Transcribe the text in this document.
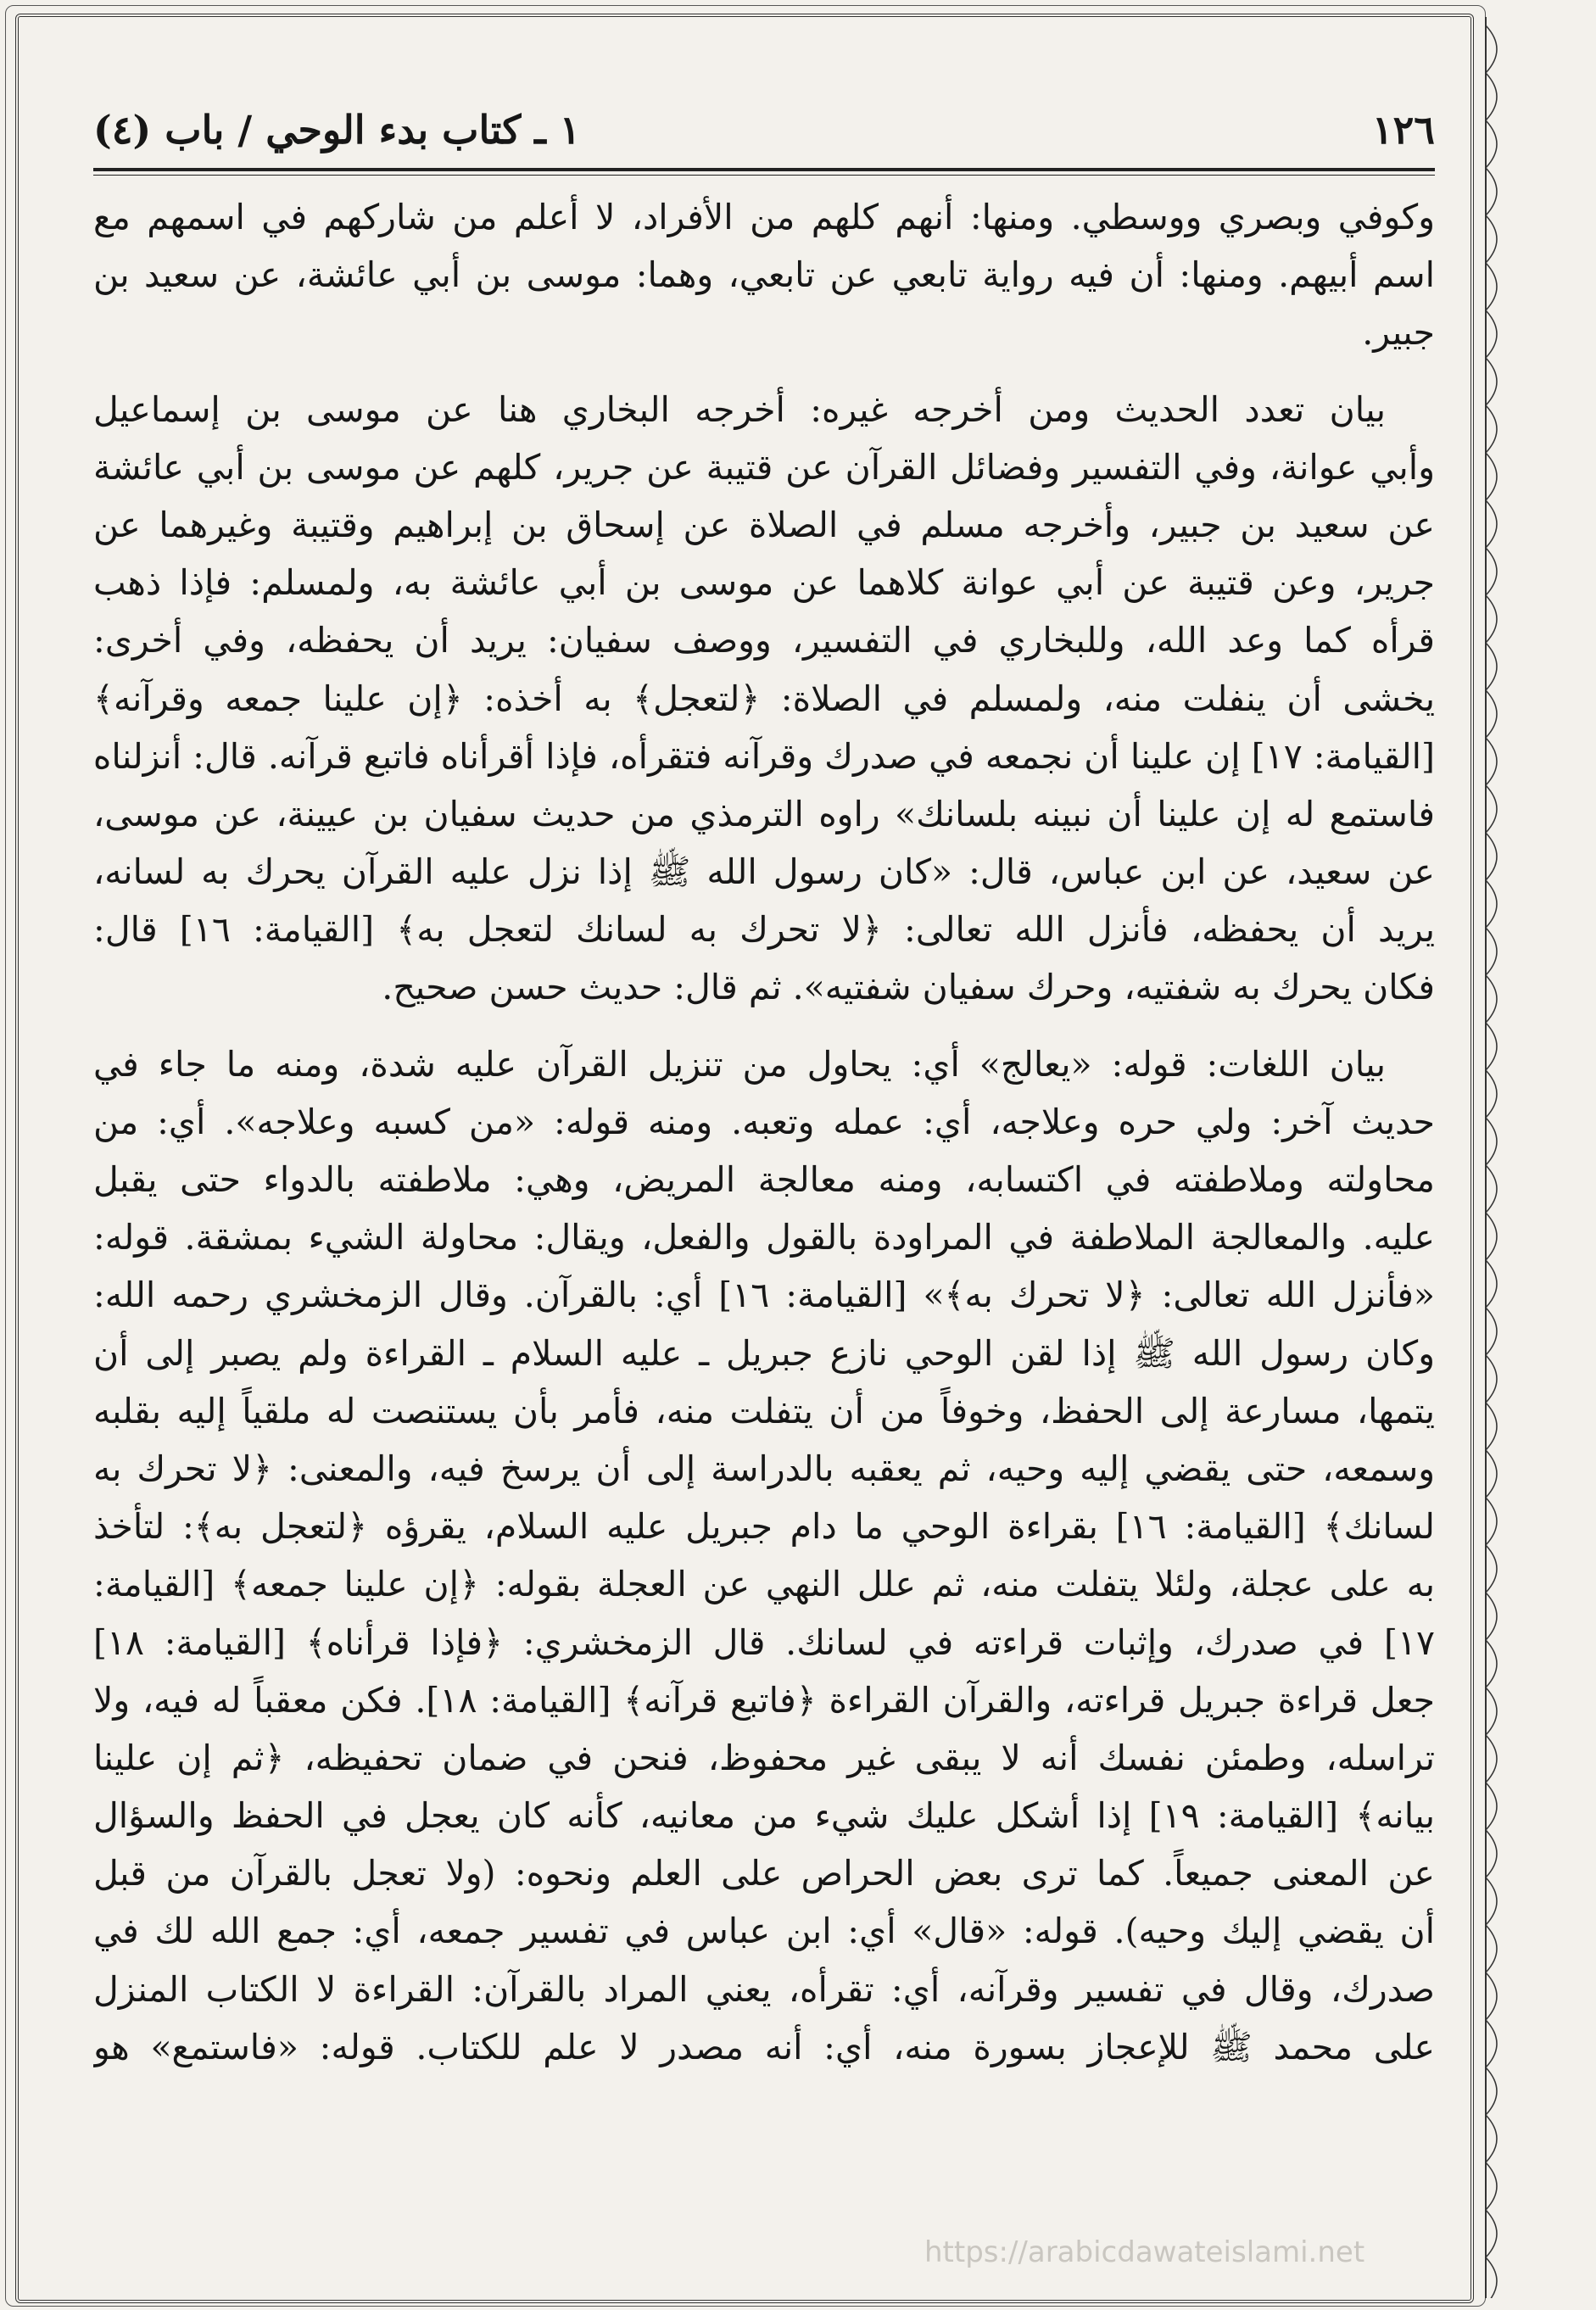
١٢٦
١ ـ كتاب بدء الوحي / باب (٤)
وكوفي وبصري ووسطي. ومنها: أنهم كلهم من الأفراد، لا أعلم من شاركهم في اسمهم مع
اسم أبيهم. ومنها: أن فيه رواية تابعي عن تابعي، وهما: موسى بن أبي عائشة، عن سعيد بن
جبير.
بيان تعدد الحديث ومن أخرجه غيره: أخرجه البخاري هنا عن موسى بن إسماعيل
وأبي عوانة، وفي التفسير وفضائل القرآن عن قتيبة عن جرير، كلهم عن موسى بن أبي عائشة
عن سعيد بن جبير، وأخرجه مسلم في الصلاة عن إسحاق بن إبراهيم وقتيبة وغيرهما عن
جرير، وعن قتيبة عن أبي عوانة كلاهما عن موسى بن أبي عائشة به، ولمسلم: فإذا ذهب
قرأه كما وعد الله، وللبخاري في التفسير، ووصف سفيان: يريد أن يحفظه، وفي أخرى:
يخشى أن ينفلت منه، ولمسلم في الصلاة: ﴿لتعجل﴾ به أخذه: ﴿إن علينا جمعه وقرآنه﴾
[القيامة: ١٧] إن علينا أن نجمعه في صدرك وقرآنه فتقرأه، فإذا أقرأناه فاتبع قرآنه. قال: أنزلناه
فاستمع له إن علينا أن نبينه بلسانك» راوه الترمذي من حديث سفيان بن عيينة، عن موسى،
عن سعيد، عن ابن عباس، قال: «كان رسول الله ﷺ إذا نزل عليه القرآن يحرك به لسانه،
يريد أن يحفظه، فأنزل الله تعالى: ﴿لا تحرك به لسانك لتعجل به﴾ [القيامة: ١٦] قال:
فكان يحرك به شفتيه، وحرك سفيان شفتيه». ثم قال: حديث حسن صحيح.
بيان اللغات: قوله: «يعالج» أي: يحاول من تنزيل القرآن عليه شدة، ومنه ما جاء في
حديث آخر: ولي حره وعلاجه، أي: عمله وتعبه. ومنه قوله: «من كسبه وعلاجه». أي: من
محاولته وملاطفته في اكتسابه، ومنه معالجة المريض، وهي: ملاطفته بالدواء حتى يقبل
عليه. والمعالجة الملاطفة في المراودة بالقول والفعل، ويقال: محاولة الشيء بمشقة. قوله:
«فأنزل الله تعالى: ﴿لا تحرك به﴾» [القيامة: ١٦] أي: بالقرآن. وقال الزمخشري رحمه الله:
وكان رسول الله ﷺ إذا لقن الوحي نازع جبريل ـ عليه السلام ـ القراءة ولم يصبر إلى أن
يتمها، مسارعة إلى الحفظ، وخوفاً من أن يتفلت منه، فأمر بأن يستنصت له ملقياً إليه بقلبه
وسمعه، حتى يقضي إليه وحيه، ثم يعقبه بالدراسة إلى أن يرسخ فيه، والمعنى: ﴿لا تحرك به
لسانك﴾ [القيامة: ١٦] بقراءة الوحي ما دام جبريل عليه السلام، يقرؤه ﴿لتعجل به﴾: لتأخذ
به على عجلة، ولئلا يتفلت منه، ثم علل النهي عن العجلة بقوله: ﴿إن علينا جمعه﴾ [القيامة:
١٧] في صدرك، وإثبات قراءته في لسانك. قال الزمخشري: ﴿فإذا قرأناه﴾ [القيامة: ١٨]
جعل قراءة جبريل قراءته، والقرآن القراءة ﴿فاتبع قرآنه﴾ [القيامة: ١٨]. فكن معقباً له فيه، ولا
تراسله، وطمئن نفسك أنه لا يبقى غير محفوظ، فنحن في ضمان تحفيظه، ﴿ثم إن علينا
بيانه﴾ [القيامة: ١٩] إذا أشكل عليك شيء من معانيه، كأنه كان يعجل في الحفظ والسؤال
عن المعنى جميعاً. كما ترى بعض الحراص على العلم ونحوه: (ولا تعجل بالقرآن من قبل
أن يقضي إليك وحيه). قوله: «قال» أي: ابن عباس في تفسير جمعه، أي: جمع الله لك في
صدرك، وقال في تفسير وقرآنه، أي: تقرأه، يعني المراد بالقرآن: القراءة لا الكتاب المنزل
على محمد ﷺ للإعجاز بسورة منه، أي: أنه مصدر لا علم للكتاب. قوله: «فاستمع» هو
https://arabicdawateislami.net
